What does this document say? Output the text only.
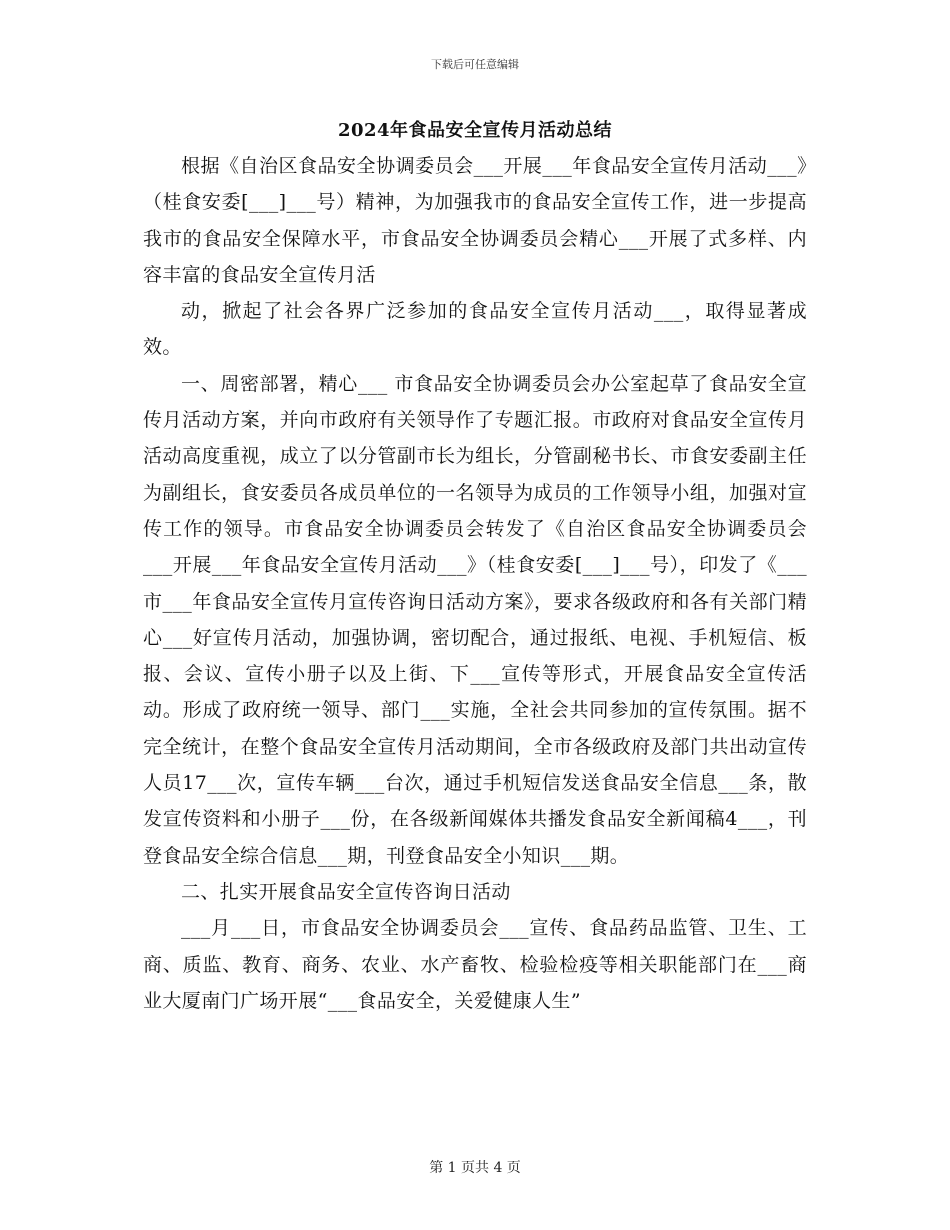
下载后可任意编辑
2024年食品安全宣传月活动总结

根据《自治区食品安全协调委员会___开展___年食品安全宣传月活动___》（桂食安委[___]___号）精神，为加强我市的食品安全宣传工作，进一步提高我市的食品安全保障水平，市食品安全协调委员会精心___开展了式多样、内容丰富的食品安全宣传月活

动，掀起了社会各界广泛参加的食品安全宣传月活动___，取得显著成效。

一、周密部署，精心___ 市食品安全协调委员会办公室起草了食品安全宣传月活动方案，并向市政府有关领导作了专题汇报。市政府对食品安全宣传月活动高度重视，成立了以分管副市长为组长，分管副秘书长、市食安委副主任为副组长，食安委员各成员单位的一名领导为成员的工作领导小组，加强对宣传工作的领导。市食品安全协调委员会转发了《自治区食品安全协调委员会___开展___年食品安全宣传月活动___》（桂食安委[___]___号），印发了《___市___年食品安全宣传月宣传咨询日活动方案》，要求各级政府和各有关部门精心___好宣传月活动，加强协调，密切配合，通过报纸、电视、手机短信、板报、会议、宣传小册子以及上街、下___宣传等形式，开展食品安全宣传活动。形成了政府统一领导、部门___实施，全社会共同参加的宣传氛围。据不完全统计，在整个食品安全宣传月活动期间，全市各级政府及部门共出动宣传人员17___次，宣传车辆___台次，通过手机短信发送食品安全信息___条，散发宣传资料和小册子___份，在各级新闻媒体共播发食品安全新闻稿4___，刊登食品安全综合信息___期，刊登食品安全小知识___期。

二、扎实开展食品安全宣传咨询日活动

___月___日，市食品安全协调委员会___宣传、食品药品监管、卫生、工商、质监、教育、商务、农业、水产畜牧、检验检疫等相关职能部门在___商业大厦南门广场开展“___食品安全，关爱健康人生”

第 1 页共 4 页
